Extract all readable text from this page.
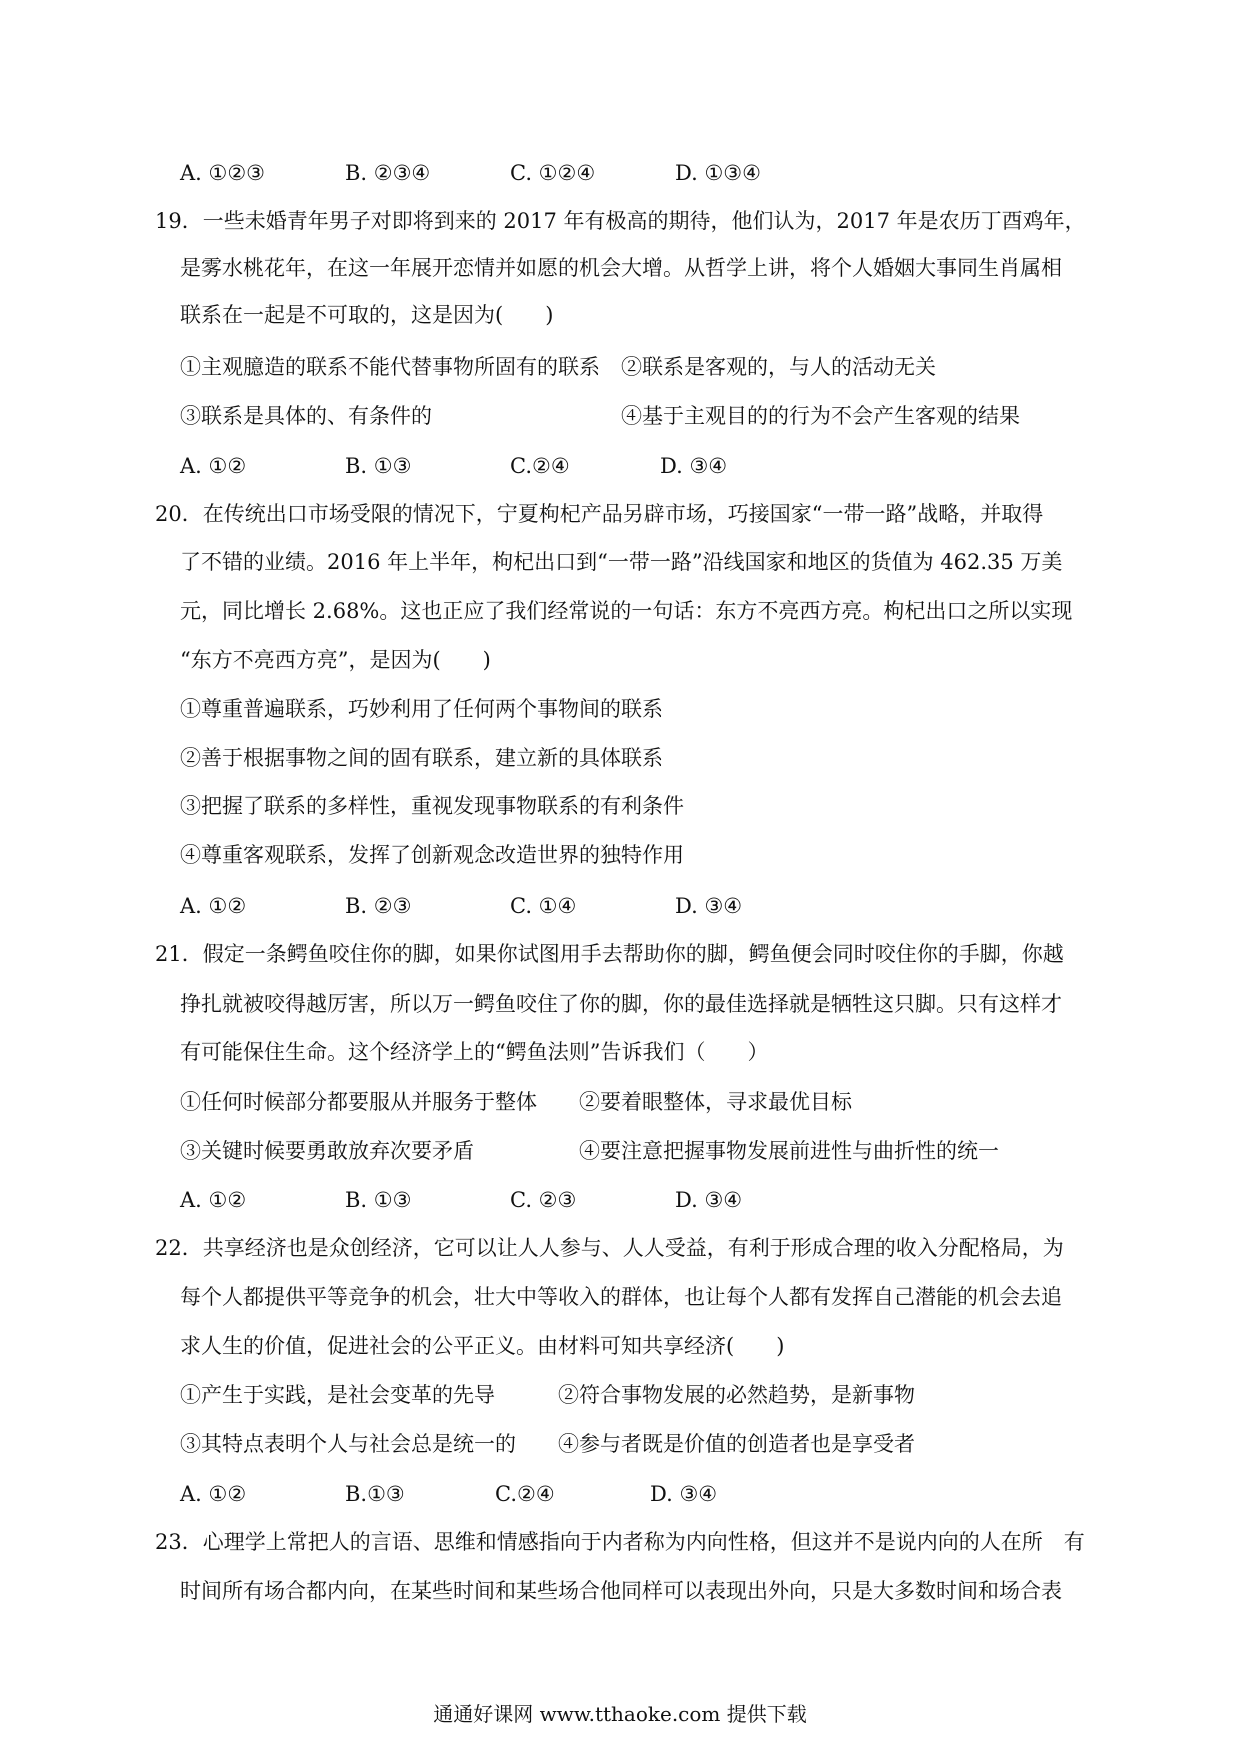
A. ①②③	B. ②③④	C. ①②④	D. ①③④
19．一些未婚青年男子对即将到来的 2017 年有极高的期待，他们认为，2017 年是农历丁酉鸡年，
是雾水桃花年，在这一年展开恋情并如愿的机会大增。从哲学上讲，将个人婚姻大事同生肖属相
联系在一起是不可取的，这是因为(　　)
①主观臆造的联系不能代替事物所固有的联系　②联系是客观的，与人的活动无关
③联系是具体的、有条件的　　　　　　　　　④基于主观目的的行为不会产生客观的结果
A. ①②	B. ①③	C.②④	D. ③④
20．在传统出口市场受限的情况下，宁夏枸杞产品另辟市场，巧接国家“一带一路”战略，并取得
了不错的业绩。2016 年上半年，枸杞出口到“一带一路”沿线国家和地区的货值为 462.35 万美
元，同比增长 2.68%。这也正应了我们经常说的一句话：东方不亮西方亮。枸杞出口之所以实现
“东方不亮西方亮”，是因为(　　)
①尊重普遍联系，巧妙利用了任何两个事物间的联系
②善于根据事物之间的固有联系，建立新的具体联系
③把握了联系的多样性，重视发现事物联系的有利条件
④尊重客观联系，发挥了创新观念改造世界的独特作用
A. ①②	B. ②③	C. ①④	D. ③④
21．假定一条鳄鱼咬住你的脚，如果你试图用手去帮助你的脚，鳄鱼便会同时咬住你的手脚，你越
挣扎就被咬得越厉害，所以万一鳄鱼咬住了你的脚，你的最佳选择就是牺牲这只脚。只有这样才
有可能保住生命。这个经济学上的“鳄鱼法则”告诉我们（　　）
①任何时候部分都要服从并服务于整体　　②要着眼整体，寻求最优目标
③关键时候要勇敢放弃次要矛盾　　　　　④要注意把握事物发展前进性与曲折性的统一
A. ①②	B. ①③	C. ②③	D. ③④
22．共享经济也是众创经济，它可以让人人参与、人人受益，有利于形成合理的收入分配格局，为
每个人都提供平等竞争的机会，壮大中等收入的群体，也让每个人都有发挥自己潜能的机会去追
求人生的价值，促进社会的公平正义。由材料可知共享经济(　　)
①产生于实践，是社会变革的先导　　　②符合事物发展的必然趋势，是新事物
③其特点表明个人与社会总是统一的　　④参与者既是价值的创造者也是享受者
A. ①②	B.①③	C.②④	D. ③④
23．心理学上常把人的言语、思维和情感指向于内者称为内向性格，但这并不是说内向的人在所　有
时间所有场合都内向，在某些时间和某些场合他同样可以表现出外向，只是大多数时间和场合表
通通好课网 www.tthaoke.com 提供下载
